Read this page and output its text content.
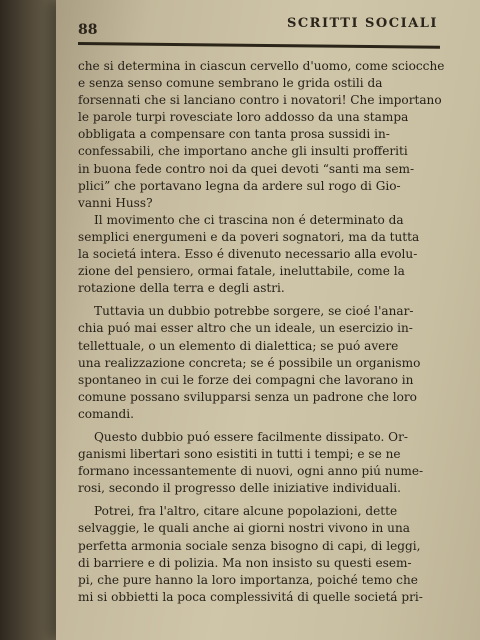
88	SCRITTI SOCIALI
che si determina in ciascun cervello d'uomo, come sciocche
e senza senso comune sembrano le grida ostili da
forsennati che si lanciano contro i novatori! Che importano
le parole turpi rovesciate loro addosso da una stampa
obbligata a compensare con tanta prosa sussidi in-
confessabili, che importano anche gli insulti profferiti
in buona fede contro noi da quei devoti “santi ma sem-
plici” che portavano legna da ardere sul rogo di Gio-
vanni Huss?
Il movimento che ci trascina non é determinato da
semplici energumeni e da poveri sognatori, ma da tutta
la societá intera. Esso é divenuto necessario alla evolu-
zione del pensiero, ormai fatale, ineluttabile, come la
rotazione della terra e degli astri.
Tuttavia un dubbio potrebbe sorgere, se cioé l'anar-
chia puó mai esser altro che un ideale, un esercizio in-
tellettuale, o un elemento di dialettica; se puó avere
una realizzazione concreta; se é possibile un organismo
spontaneo in cui le forze dei compagni che lavorano in
comune possano svilupparsi senza un padrone che loro
comandi.
Questo dubbio puó essere facilmente dissipato. Or-
ganismi libertari sono esistiti in tutti i tempi; e se ne
formano incessantemente di nuovi, ogni anno piú nume-
rosi, secondo il progresso delle iniziative individuali.
Potrei, fra l'altro, citare alcune popolazioni, dette
selvaggie, le quali anche ai giorni nostri vivono in una
perfetta armonia sociale senza bisogno di capi, di leggi,
di barriere e di polizia. Ma non insisto su questi esem-
pi, che pure hanno la loro importanza, poiché temo che
mi si obbietti la poca complessivitá di quelle societá pri-
